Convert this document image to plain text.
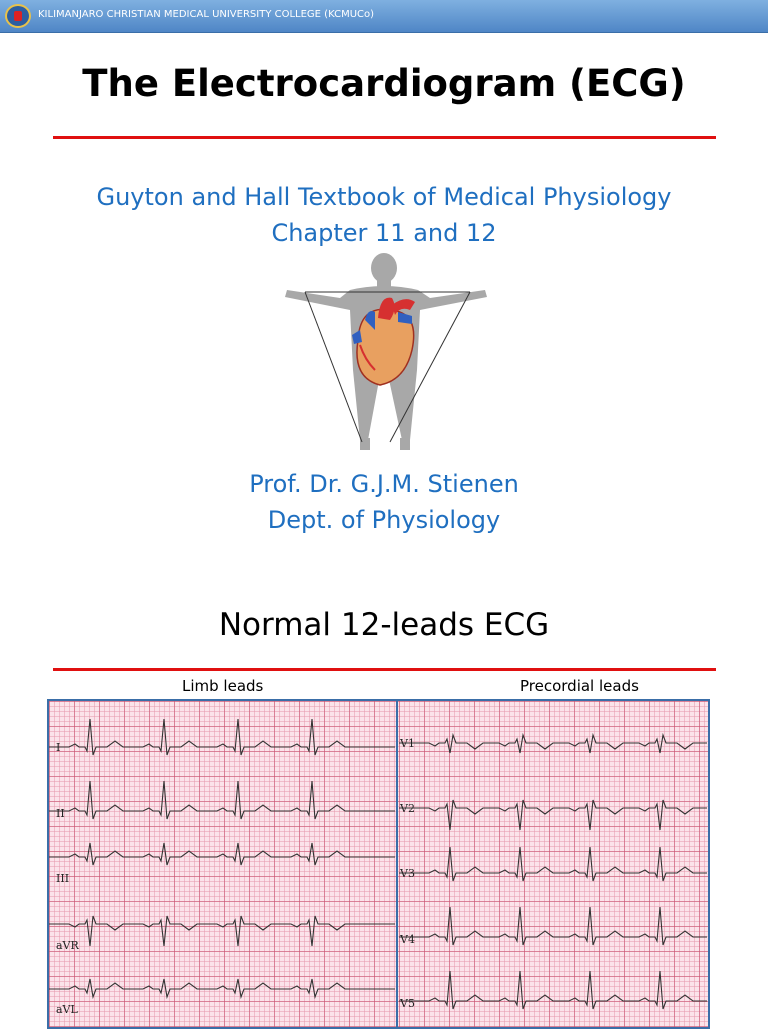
KILIMANJARO CHRISTIAN MEDICAL UNIVERSITY COLLEGE (KCMUCo)
The Electrocardiogram (ECG)
Guyton and Hall Textbook of Medical Physiology
Chapter 11 and 12
Prof. Dr. G.J.M. Stienen
Dept. of Physiology
Normal 12-leads ECG
Limb leads	Precordial leads
I
II
III
aVR
aVL
V1
V2
V3
V4
V5
